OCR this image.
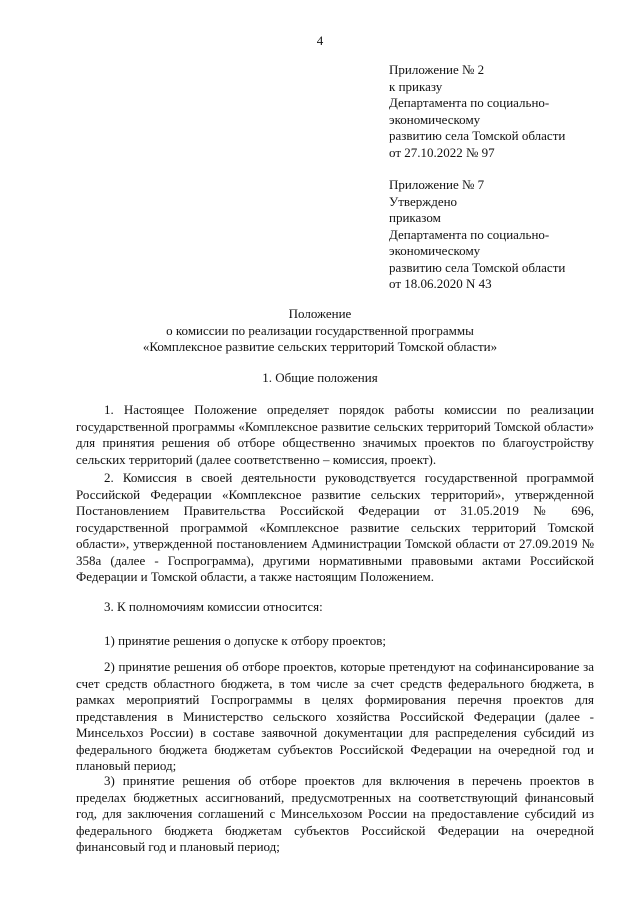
4
Приложение № 2
к приказу
Департамента по социально-
экономическому
развитию села Томской области
от 27.10.2022 № 97
Приложение № 7
Утверждено
приказом
Департамента по социально-
экономическому
развитию села Томской области
от 18.06.2020 N 43
Положение
о комиссии по реализации государственной программы
«Комплексное развитие сельских территорий Томской области»
1. Общие положения

1. Настоящее Положение определяет порядок работы комиссии по реализации государственной программы «Комплексное развитие сельских территорий Томской области» для принятия решения об отборе общественно значимых проектов по благоустройству сельских территорий (далее соответственно – комиссия, проект).

2. Комиссия в своей деятельности руководствуется государственной программой Российской Федерации «Комплексное развитие сельских территорий», утвержденной Постановлением Правительства Российской Федерации от 31.05.2019 № 696, государственной программой «Комплексное развитие сельских территорий Томской области», утвержденной постановлением Администрации Томской области от 27.09.2019 № 358а (далее - Госпрограмма), другими нормативными правовыми актами Российской Федерации и Томской области, а также настоящим Положением.

3. К полномочиям комиссии относится:

1) принятие решения о допуске к отбору проектов;

2) принятие решения об отборе проектов, которые претендуют на софинансирование за счет средств областного бюджета, в том числе за счет средств федерального бюджета, в рамках мероприятий Госпрограммы в целях формирования перечня проектов для представления в Министерство сельского хозяйства Российской Федерации (далее - Минсельхоз России) в составе заявочной документации для распределения субсидий из федерального бюджета бюджетам субъектов Российской Федерации на очередной год и плановый период;

3) принятие решения об отборе проектов для включения в перечень проектов в пределах бюджетных ассигнований, предусмотренных на соответствующий финансовый год, для заключения соглашений с Минсельхозом России на предоставление субсидий из федерального бюджета бюджетам субъектов Российской Федерации на очередной финансовый год и плановый период;
